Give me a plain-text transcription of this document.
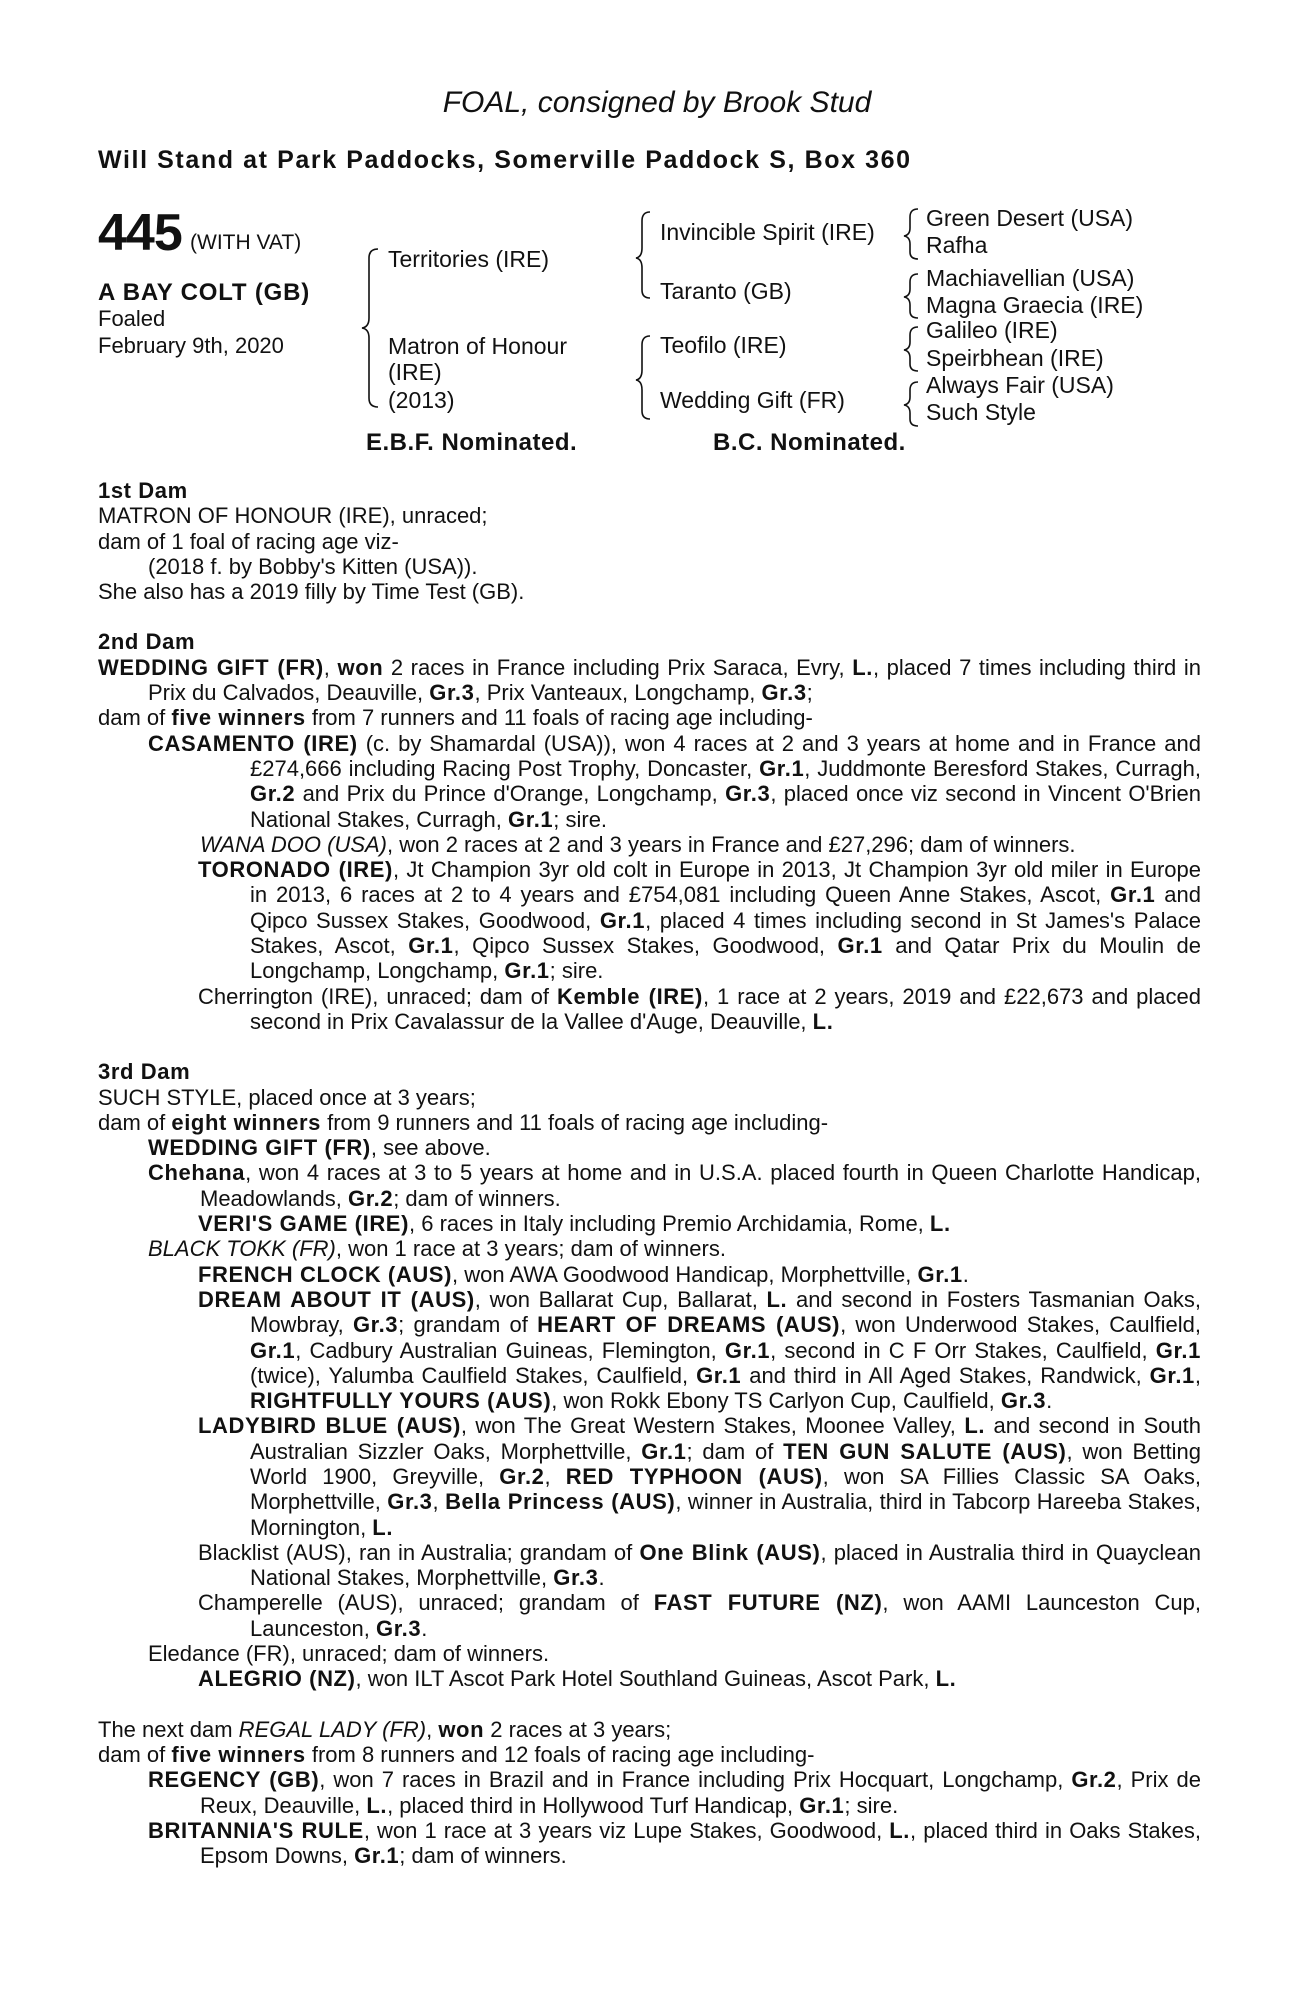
FOAL, consigned by Brook Stud
Will Stand at Park Paddocks, Somerville Paddock S, Box 360
445 (WITH VAT)
A BAY COLT (GB)
Foaled
February 9th, 2020
Territories (IRE)
Matron of Honour
(IRE)
(2013)
Invincible Spirit (IRE)
Taranto (GB)
Teofilo (IRE)
Wedding Gift (FR)
Green Desert (USA)
Rafha
Machiavellian (USA)
Magna Graecia (IRE)
Galileo (IRE)
Speirbhean (IRE)
Always Fair (USA)
Such Style
E.B.F. Nominated.	B.C. Nominated.

1st Dam

MATRON OF HONOUR (IRE), unraced;

dam of 1 foal of racing age viz-

(2018 f. by Bobby's Kitten (USA)).

She also has a 2019 filly by Time Test (GB).

2nd Dam

WEDDING GIFT (FR), won 2 races in France including Prix Saraca, Evry, L., placed 7 times including third in Prix du Calvados, Deauville, Gr.3, Prix Vanteaux, Longchamp, Gr.3;

dam of five winners from 7 runners and 11 foals of racing age including-

CASAMENTO (IRE) (c. by Shamardal (USA)), won 4 races at 2 and 3 years at home and in France and £274,666 including Racing Post Trophy, Doncaster, Gr.1, Juddmonte Beresford Stakes, Curragh, Gr.2 and Prix du Prince d'Orange, Longchamp, Gr.3, placed once viz second in Vincent O'Brien National Stakes, Curragh, Gr.1; sire.

WANA DOO (USA), won 2 races at 2 and 3 years in France and £27,296; dam of winners.

TORONADO (IRE), Jt Champion 3yr old colt in Europe in 2013, Jt Champion 3yr old miler in Europe in 2013, 6 races at 2 to 4 years and £754,081 including Queen Anne Stakes, Ascot, Gr.1 and Qipco Sussex Stakes, Goodwood, Gr.1, placed 4 times including second in St James's Palace Stakes, Ascot, Gr.1, Qipco Sussex Stakes, Goodwood, Gr.1 and Qatar Prix du Moulin de Longchamp, Longchamp, Gr.1; sire.

Cherrington (IRE), unraced; dam of Kemble (IRE), 1 race at 2 years, 2019 and £22,673 and placed second in Prix Cavalassur de la Vallee d'Auge, Deauville, L.

3rd Dam

SUCH STYLE, placed once at 3 years;

dam of eight winners from 9 runners and 11 foals of racing age including-

WEDDING GIFT (FR), see above.

Chehana, won 4 races at 3 to 5 years at home and in U.S.A. placed fourth in Queen Charlotte Handicap, Meadowlands, Gr.2; dam of winners.

VERI'S GAME (IRE), 6 races in Italy including Premio Archidamia, Rome, L.

BLACK TOKK (FR), won 1 race at 3 years; dam of winners.

FRENCH CLOCK (AUS), won AWA Goodwood Handicap, Morphettville, Gr.1.

DREAM ABOUT IT (AUS), won Ballarat Cup, Ballarat, L. and second in Fosters Tasmanian Oaks, Mowbray, Gr.3; grandam of HEART OF DREAMS (AUS), won Underwood Stakes, Caulfield, Gr.1, Cadbury Australian Guineas, Flemington, Gr.1, second in C F Orr Stakes, Caulfield, Gr.1 (twice), Yalumba Caulfield Stakes, Caulfield, Gr.1 and third in All Aged Stakes, Randwick, Gr.1, RIGHTFULLY YOURS (AUS), won Rokk Ebony TS Carlyon Cup, Caulfield, Gr.3.

LADYBIRD BLUE (AUS), won The Great Western Stakes, Moonee Valley, L. and second in South Australian Sizzler Oaks, Morphettville, Gr.1; dam of TEN GUN SALUTE (AUS), won Betting World 1900, Greyville, Gr.2, RED TYPHOON (AUS), won SA Fillies Classic SA Oaks, Morphettville, Gr.3, Bella Princess (AUS), winner in Australia, third in Tabcorp Hareeba Stakes, Mornington, L.

Blacklist (AUS), ran in Australia; grandam of One Blink (AUS), placed in Australia third in Quayclean National Stakes, Morphettville, Gr.3.

Champerelle (AUS), unraced; grandam of FAST FUTURE (NZ), won AAMI Launceston Cup, Launceston, Gr.3.

Eledance (FR), unraced; dam of winners.

ALEGRIO (NZ), won ILT Ascot Park Hotel Southland Guineas, Ascot Park, L.

The next dam REGAL LADY (FR), won 2 races at 3 years;

dam of five winners from 8 runners and 12 foals of racing age including-

REGENCY (GB), won 7 races in Brazil and in France including Prix Hocquart, Longchamp, Gr.2, Prix de Reux, Deauville, L., placed third in Hollywood Turf Handicap, Gr.1; sire.

BRITANNIA'S RULE, won 1 race at 3 years viz Lupe Stakes, Goodwood, L., placed third in Oaks Stakes, Epsom Downs, Gr.1; dam of winners.
